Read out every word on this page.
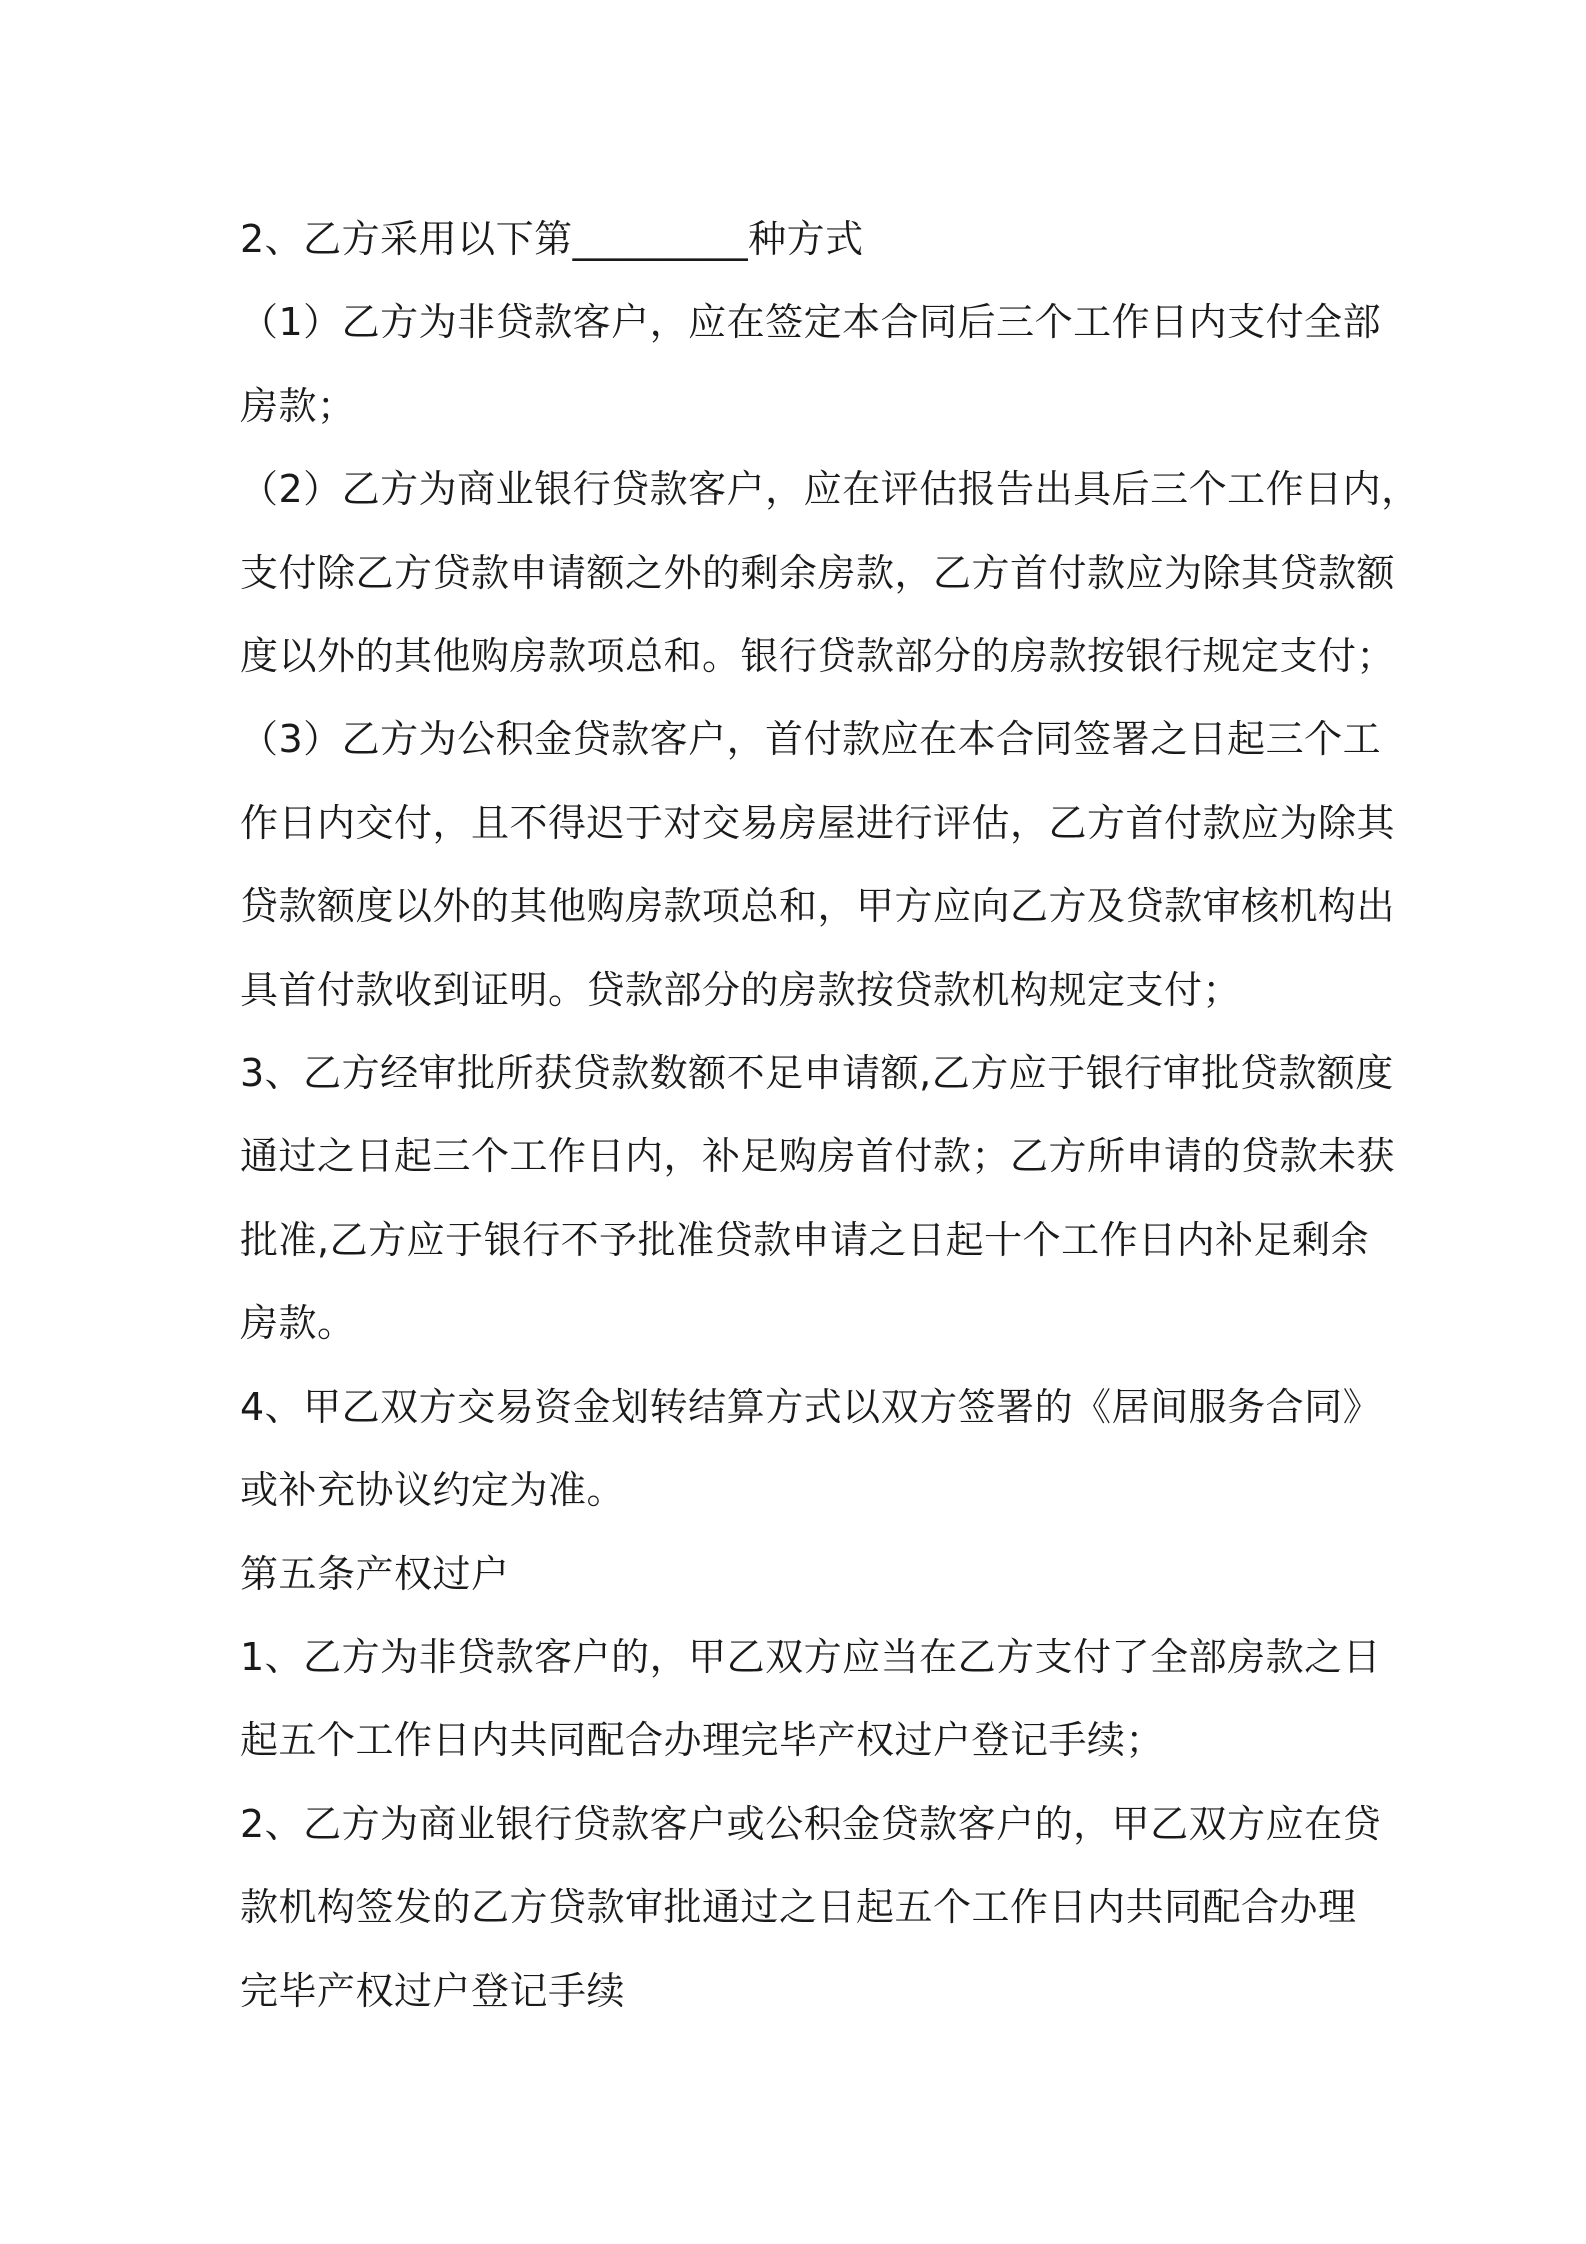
2、乙方采用以下第_________种方式
（1）乙方为非贷款客户，应在签定本合同后三个工作日内支付全部
房款；
（2）乙方为商业银行贷款客户，应在评估报告出具后三个工作日内，
支付除乙方贷款申请额之外的剩余房款，乙方首付款应为除其贷款额
度以外的其他购房款项总和。银行贷款部分的房款按银行规定支付；
（3）乙方为公积金贷款客户，首付款应在本合同签署之日起三个工
作日内交付，且不得迟于对交易房屋进行评估，乙方首付款应为除其
贷款额度以外的其他购房款项总和，甲方应向乙方及贷款审核机构出
具首付款收到证明。贷款部分的房款按贷款机构规定支付；
3、乙方经审批所获贷款数额不足申请额,乙方应于银行审批贷款额度
通过之日起三个工作日内，补足购房首付款；乙方所申请的贷款未获
批准,乙方应于银行不予批准贷款申请之日起十个工作日内补足剩余
房款。
4、甲乙双方交易资金划转结算方式以双方签署的《居间服务合同》
或补充协议约定为准。
第五条产权过户
1、乙方为非贷款客户的，甲乙双方应当在乙方支付了全部房款之日
起五个工作日内共同配合办理完毕产权过户登记手续；
2、乙方为商业银行贷款客户或公积金贷款客户的，甲乙双方应在贷
款机构签发的乙方贷款审批通过之日起五个工作日内共同配合办理
完毕产权过户登记手续
